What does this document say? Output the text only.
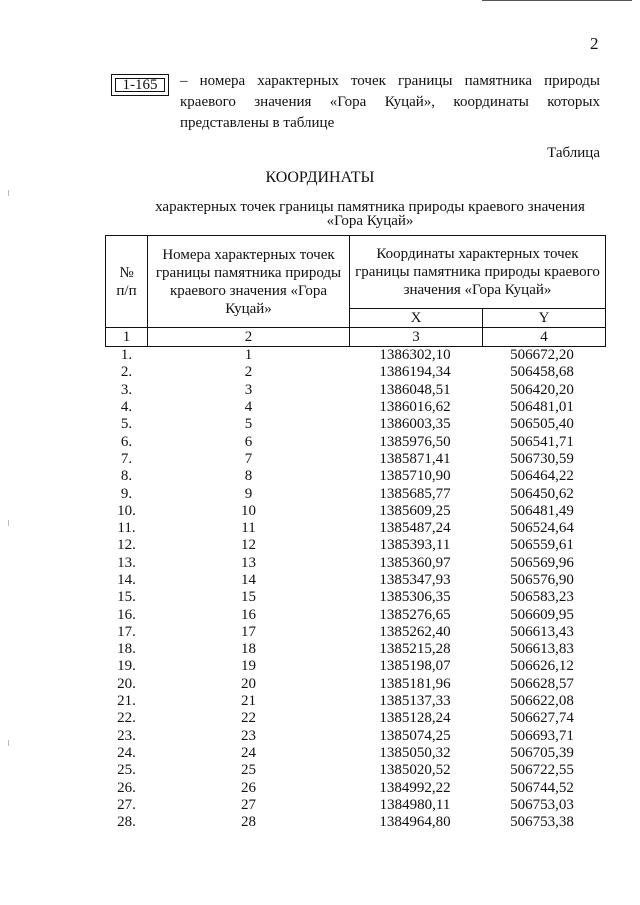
2
1-165	– номера характерных точек границы памятника природы краевого значения «Гора Куцай», координаты которых представлены в таблице
Таблица
КООРДИНАТЫ
характерных точек границы памятника природы краевого значения
«Гора Куцай»
№ п/п	Номера характерных точек границы памятника природы краевого значения «Гора Куцай»	Координаты характерных точек границы памятника природы краевого значения «Гора Куцай»	

		X	Y
1	2	3	4
1.	1	1386302,10	506672,20
2.	2	1386194,34	506458,68
3.	3	1386048,51	506420,20
4.	4	1386016,62	506481,01
5.	5	1386003,35	506505,40
6.	6	1385976,50	506541,71
7.	7	1385871,41	506730,59
8.	8	1385710,90	506464,22
9.	9	1385685,77	506450,62
10.	10	1385609,25	506481,49
11.	11	1385487,24	506524,64
12.	12	1385393,11	506559,61
13.	13	1385360,97	506569,96
14.	14	1385347,93	506576,90
15.	15	1385306,35	506583,23
16.	16	1385276,65	506609,95
17.	17	1385262,40	506613,43
18.	18	1385215,28	506613,83
19.	19	1385198,07	506626,12
20.	20	1385181,96	506628,57
21.	21	1385137,33	506622,08
22.	22	1385128,24	506627,74
23.	23	1385074,25	506693,71
24.	24	1385050,32	506705,39
25.	25	1385020,52	506722,55
26.	26	1384992,22	506744,52
27.	27	1384980,11	506753,03
28.	28	1384964,80	506753,38
